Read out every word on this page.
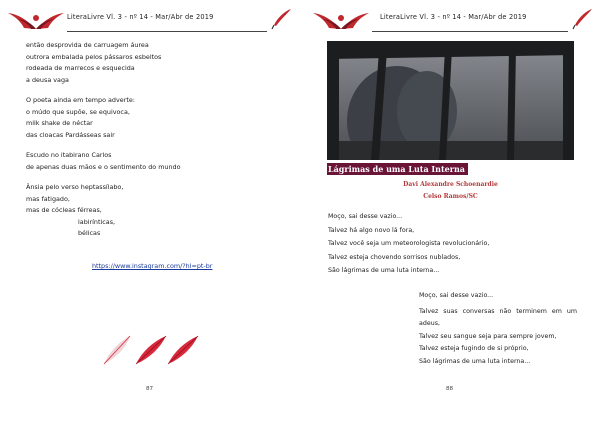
LiteraLivre Vl. 3 - nº 14 - Mar/Abr de 2019

então desprovida de carruagem áurea

outrora embalada pelos pássaros esbeltos

rodeada de marrecos e esquecida

a deusa vaga

O poeta ainda em tempo adverte:

o múdo que supõe, se equivoca,

milk shake de néctar

das cloacas Pardásseas sair

Escudo no itabirano Carlos

de apenas duas mãos e o sentimento do mundo

Ânsia pelo verso heptassílabo,

mas fatigado,

mas de cócleas férreas,

labirínticas,

bélicas

https://www.instagram.com/?hl=pt-br
87
LiteraLivre Vl. 3 - nº 14 - Mar/Abr de 2019
Lágrimas de uma Luta Interna
Davi Alexandre Schoenardie
Celso Ramos/SC

Moço, sai desse vazio...

Talvez há algo novo lá fora,

Talvez você seja um meteorologista revolucionário,

Talvez esteja chovendo sorrisos nublados,

São lágrimas de uma luta interna...

Moço, sai desse vazio...

Talvez suas conversas não terminem em um

adeus,

Talvez seu sangue seja para sempre jovem,

Talvez esteja fugindo de si próprio,

São lágrimas de uma luta interna...

88
